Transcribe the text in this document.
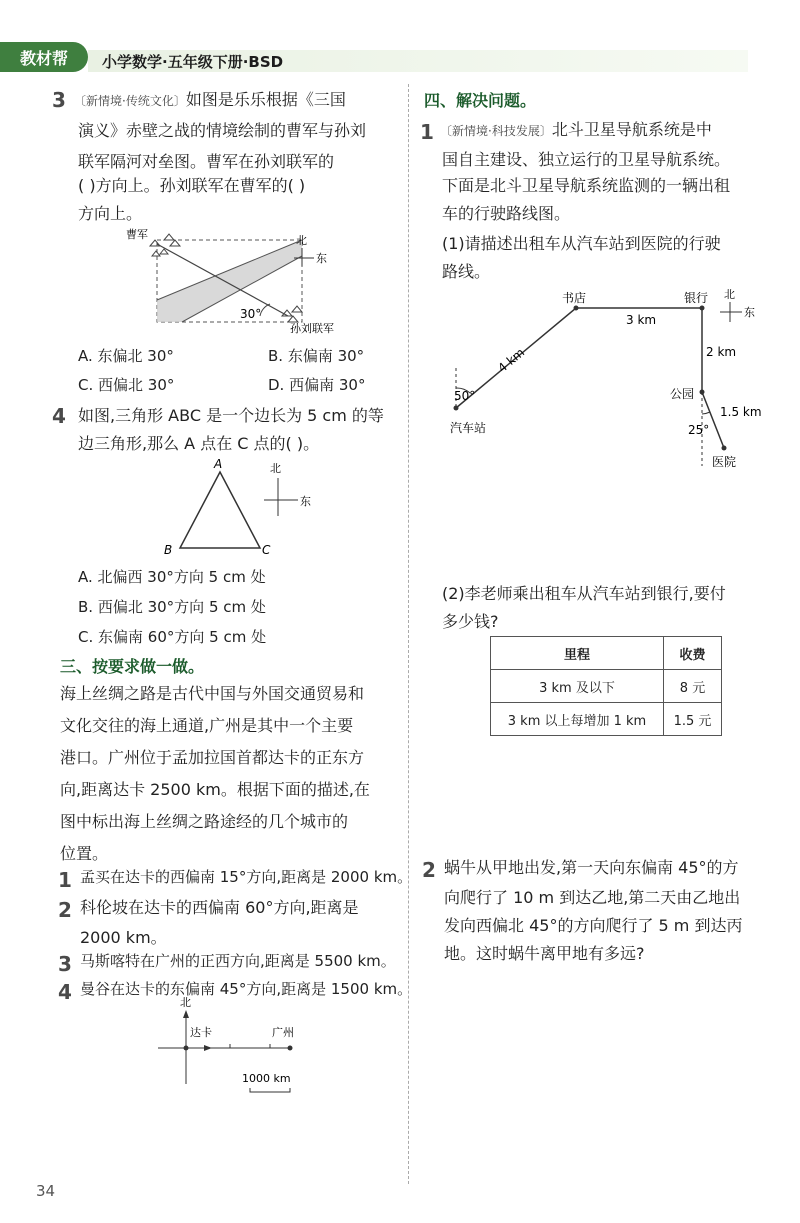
小学数学·五年级下册·BSD
教材帮
3 〔新情境·传统文化〕如图是乐乐根据《三国
演义》赤壁之战的情境绘制的曹军与孙刘
联军隔河对垒图。曹军在孙刘联军的
( )方向上。孙刘联军在曹军的( )
方向上。
曹军
孙刘联军
30°
北
东
A. 东偏北 30°	B. 东偏南 30°
C. 西偏北 30°	D. 西偏南 30°
4 如图,三角形 ABC 是一个边长为 5 cm 的等
边三角形,那么 A 点在 C 点的( )。
A
B	C
北
东
A. 北偏西 30°方向 5 cm 处
B. 西偏北 30°方向 5 cm 处
C. 东偏南 60°方向 5 cm 处
三、按要求做一做。
海上丝绸之路是古代中国与外国交通贸易和
文化交往的海上通道,广州是其中一个主要
港口。广州位于孟加拉国首都达卡的正东方
向,距离达卡 2500 km。根据下面的描述,在
图中标出海上丝绸之路途经的几个城市的
位置。
1 孟买在达卡的西偏南 15°方向,距离是 2000 km。
2 科伦坡在达卡的西偏南 60°方向,距离是
2000 km。
3 马斯喀特在广州的正西方向,距离是 5500 km。
4 曼谷在达卡的东偏南 45°方向,距离是 1500 km。
北
达卡	广州
1000 km
34
四、解决问题。
1 〔新情境·科技发展〕北斗卫星导航系统是中
国自主建设、独立运行的卫星导航系统。
下面是北斗卫星导航系统监测的一辆出租
车的行驶路线图。
(1)请描述出租车从汽车站到医院的行驶
路线。
汽车站
书店	银行
公园
医院
4 km
3 km
2 km
1.5 km
50°
25°
北
东
(2)李老师乘出租车从汽车站到银行,要付
多少钱?
里程	收费
3 km 及以下	8 元
3 km 以上每增加 1 km	1.5 元
2 蜗牛从甲地出发,第一天向东偏南 45°的方
向爬行了 10 m 到达乙地,第二天由乙地出
发向西偏北 45°的方向爬行了 5 m 到达丙
地。这时蜗牛离甲地有多远?
